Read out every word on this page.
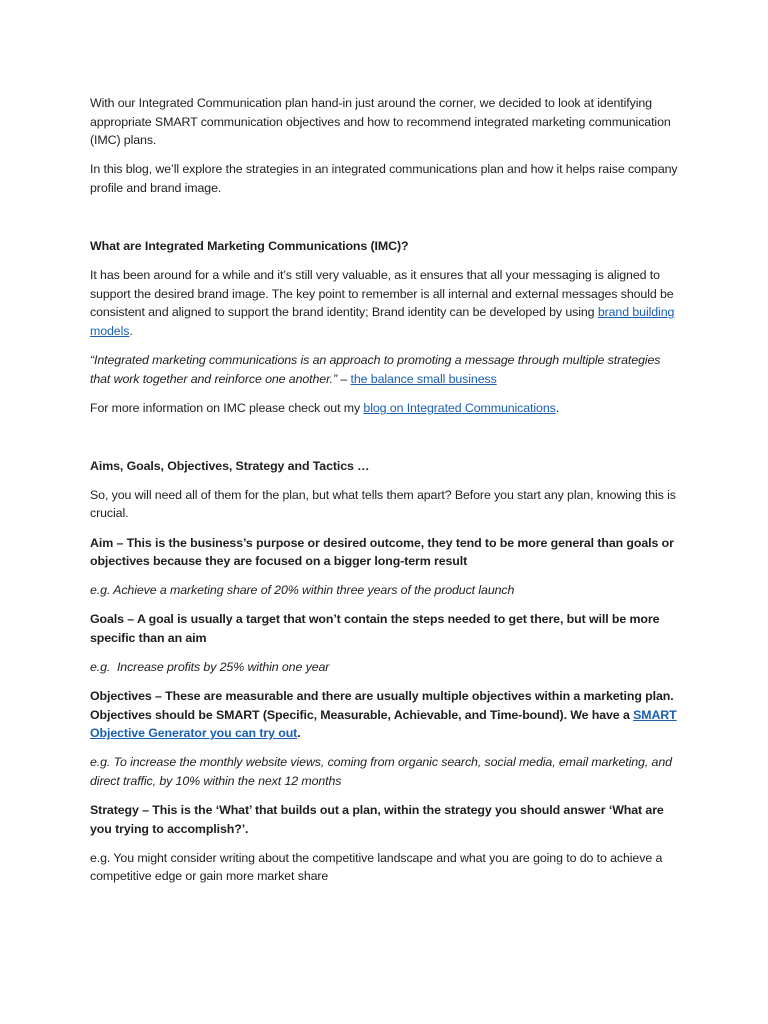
With our Integrated Communication plan hand-in just around the corner, we decided to look at identifying appropriate SMART communication objectives and how to recommend integrated marketing communication (IMC) plans.

In this blog, we’ll explore the strategies in an integrated communications plan and how it helps raise company profile and brand image.

What are Integrated Marketing Communications (IMC)?

It has been around for a while and it’s still very valuable, as it ensures that all your messaging is aligned to support the desired brand image. The key point to remember is all internal and external messages should be consistent and aligned to support the brand identity; Brand identity can be developed by using brand building models.

“Integrated marketing communications is an approach to promoting a message through multiple strategies that work together and reinforce one another.” – the balance small business

For more information on IMC please check out my blog on Integrated Communications.

Aims, Goals, Objectives, Strategy and Tactics …

So, you will need all of them for the plan, but what tells them apart? Before you start any plan, knowing this is crucial.

Aim – This is the business’s purpose or desired outcome, they tend to be more general than goals or objectives because they are focused on a bigger long-term result

e.g. Achieve a marketing share of 20% within three years of the product launch

Goals – A goal is usually a target that won’t contain the steps needed to get there, but will be more specific than an aim

e.g.  Increase profits by 25% within one year

Objectives – These are measurable and there are usually multiple objectives within a marketing plan. Objectives should be SMART (Specific, Measurable, Achievable, and Time-bound). We have a SMART Objective Generator you can try out.

e.g. To increase the monthly website views, coming from organic search, social media, email marketing, and direct traffic, by 10% within the next 12 months

Strategy – This is the ‘What’ that builds out a plan, within the strategy you should answer ‘What are you trying to accomplish?’.

e.g. You might consider writing about the competitive landscape and what you are going to do to achieve a competitive edge or gain more market share
